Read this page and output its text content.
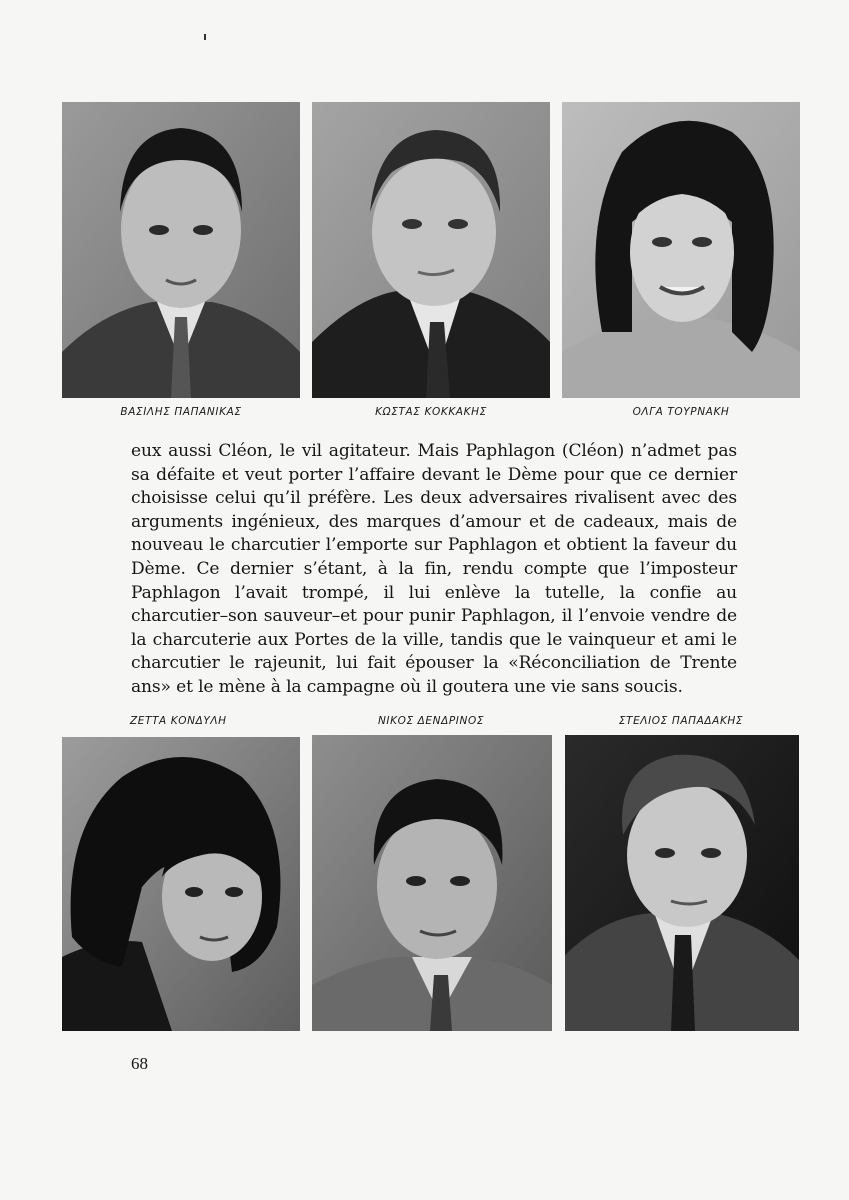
ΒΑΣΙΛΗΣ ΠΑΠΑΝΙΚΑΣ	ΚΩΣΤΑΣ ΚΟΚΚΑΚΗΣ	ΟΛΓΑ ΤΟΥΡΝΑΚΗ

eux aussi Cléon, le vil agitateur. Mais Paphlagon (Cléon) n’admet pas sa défaite et veut porter l’affaire devant le Dème pour que ce dernier choisisse celui qu’il préfère. Les deux adversaires rivalisent avec des arguments ingénieux, des marques d’amour et de cadeaux, mais de nouveau le charcutier l’emporte sur Paphlagon et obtient la faveur du Dème. Ce dernier s’étant, à la fin, rendu compte que l’imposteur Paphlagon l’avait trompé, il lui enlève la tutelle, la confie au charcutier–son sauveur–et pour punir Paphlagon, il l’envoie vendre de la charcuterie aux Portes de la ville, tandis que le vainqueur et ami le charcutier le rajeunit, lui fait épouser la «Réconciliation de Trente ans» et le mène à la campagne où il goutera une vie sans soucis.

ΖΕΤΤΑ ΚΟΝΔΥΛΗ	ΝΙΚΟΣ ΔΕΝΔΡΙΝΟΣ	ΣΤΕΛΙΟΣ ΠΑΠΑΔΑΚΗΣ
68
